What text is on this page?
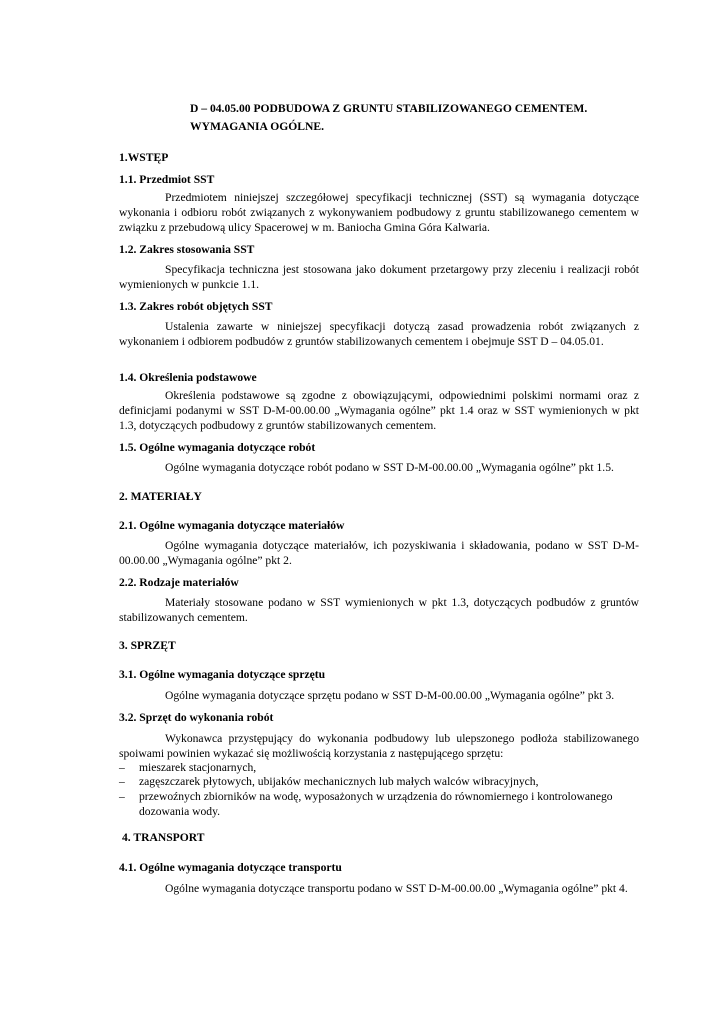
D – 04.05.00 PODBUDOWA Z GRUNTU STABILIZOWANEGO CEMENTEM.
WYMAGANIA OGÓLNE.
1.WSTĘP
1.1. Przedmiot SST
Przedmiotem niniejszej szczegółowej specyfikacji technicznej (SST) są wymagania dotyczące wykonania i odbioru robót związanych z wykonywaniem podbudowy z gruntu stabilizowanego cementem w związku z przebudową ulicy Spacerowej w m. Baniocha Gmina Góra Kalwaria.
1.2. Zakres stosowania SST
Specyfikacja techniczna jest stosowana jako dokument przetargowy przy zleceniu i realizacji robót wymienionych w punkcie 1.1.
1.3. Zakres robót objętych SST
Ustalenia zawarte w niniejszej specyfikacji dotyczą zasad prowadzenia robót związanych z wykonaniem i odbiorem podbudów z gruntów stabilizowanych cementem i obejmuje SST D – 04.05.01.
1.4. Określenia podstawowe
Określenia podstawowe są zgodne z obowiązującymi, odpowiednimi polskimi normami oraz z definicjami podanymi w SST D-M-00.00.00 „Wymagania ogólne” pkt 1.4 oraz w SST wymienionych w pkt 1.3, dotyczących podbudowy z gruntów stabilizowanych cementem.
1.5. Ogólne wymagania dotyczące robót
Ogólne wymagania dotyczące robót podano w SST D-M-00.00.00 „Wymagania ogólne” pkt 1.5.
2. MATERIAŁY
2.1. Ogólne wymagania dotyczące materiałów
Ogólne wymagania dotyczące materiałów, ich pozyskiwania i składowania, podano w SST D-M-00.00.00 „Wymagania ogólne” pkt 2.
2.2. Rodzaje materiałów
Materiały stosowane podano w SST wymienionych w pkt 1.3, dotyczących podbudów z gruntów stabilizowanych cementem.
3. SPRZĘT
3.1. Ogólne wymagania dotyczące sprzętu
Ogólne wymagania dotyczące sprzętu podano w SST D-M-00.00.00 „Wymagania ogólne” pkt 3.
3.2. Sprzęt do wykonania robót
Wykonawca przystępujący do wykonania podbudowy lub ulepszonego podłoża stabilizowanego spoiwami powinien wykazać się możliwością korzystania z następującego sprzętu:
– mieszarek stacjonarnych,
– zagęszczarek płytowych, ubijaków mechanicznych lub małych walców wibracyjnych,
– przewoźnych zbiorników na wodę, wyposażonych w urządzenia do równomiernego i kontrolowanego dozowania wody.
4. TRANSPORT
4.1. Ogólne wymagania dotyczące transportu
Ogólne wymagania dotyczące transportu podano w SST D-M-00.00.00 „Wymagania ogólne” pkt 4.
